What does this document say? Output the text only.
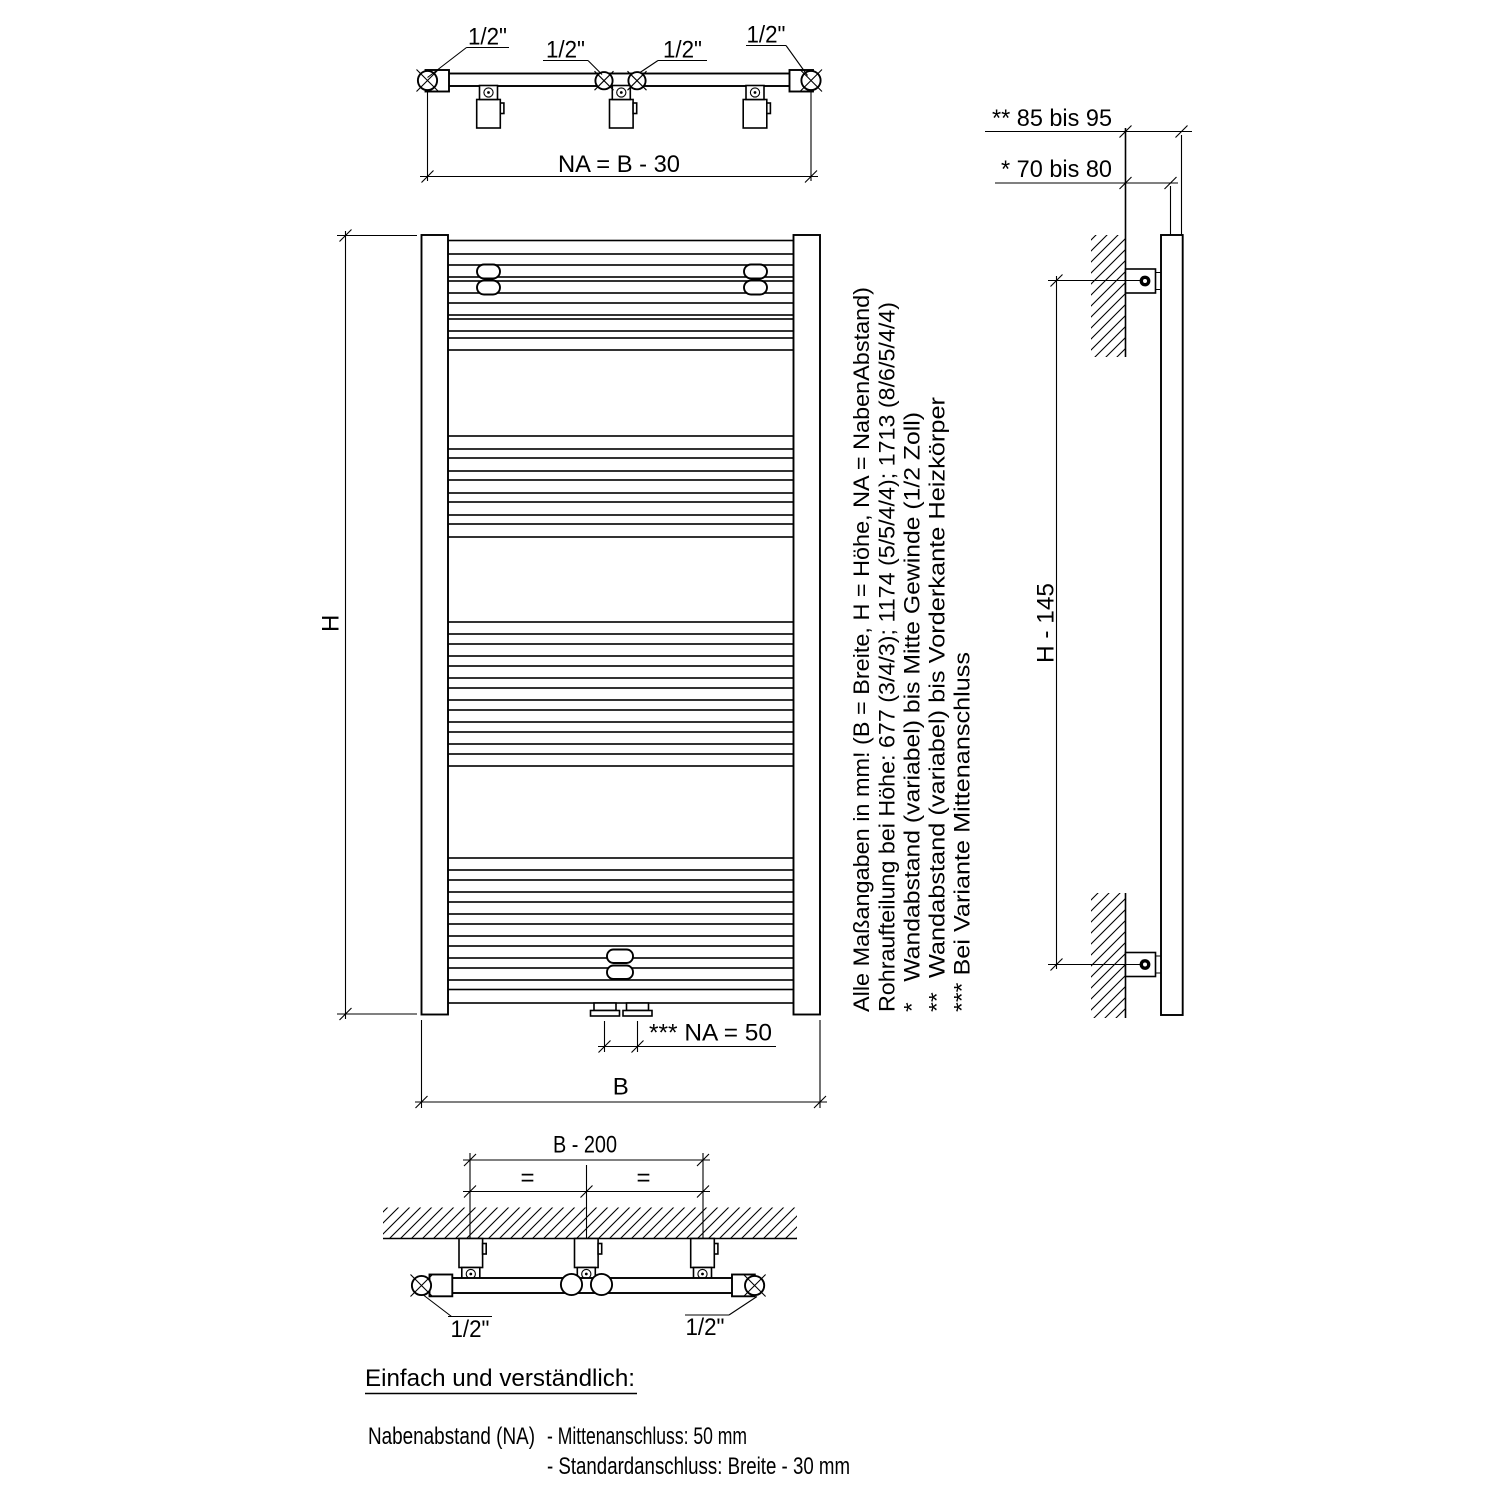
1/2" 1/2"	1/2"
1/2"
NA = B - 30
H
B
*** NA = 50
** 85 bis 95
* 70 bis 80
H - 145
B - 200
=	=
1/2"	1/2"
Alle Maßangaben in mm! (B = Breite, H = Höhe, NA = NabenAbstand) Rohraufteilung bei Höhe: 677 (3/4/3); 1174 (5/5/4/4); 1713 (8/6/5/4/4) *   Wandabstand (variabel) bis Mitte Gewinde (1/2 Zoll) **  Wandabstand (variabel) bis Vorderkante Heizkörper *** Bei Variante Mittenanschluss
Einfach und verständlich:
Nabenabstand (NA) - Mittenanschluss: 50 mm
- Standardanschluss: Breite - 30 mm
